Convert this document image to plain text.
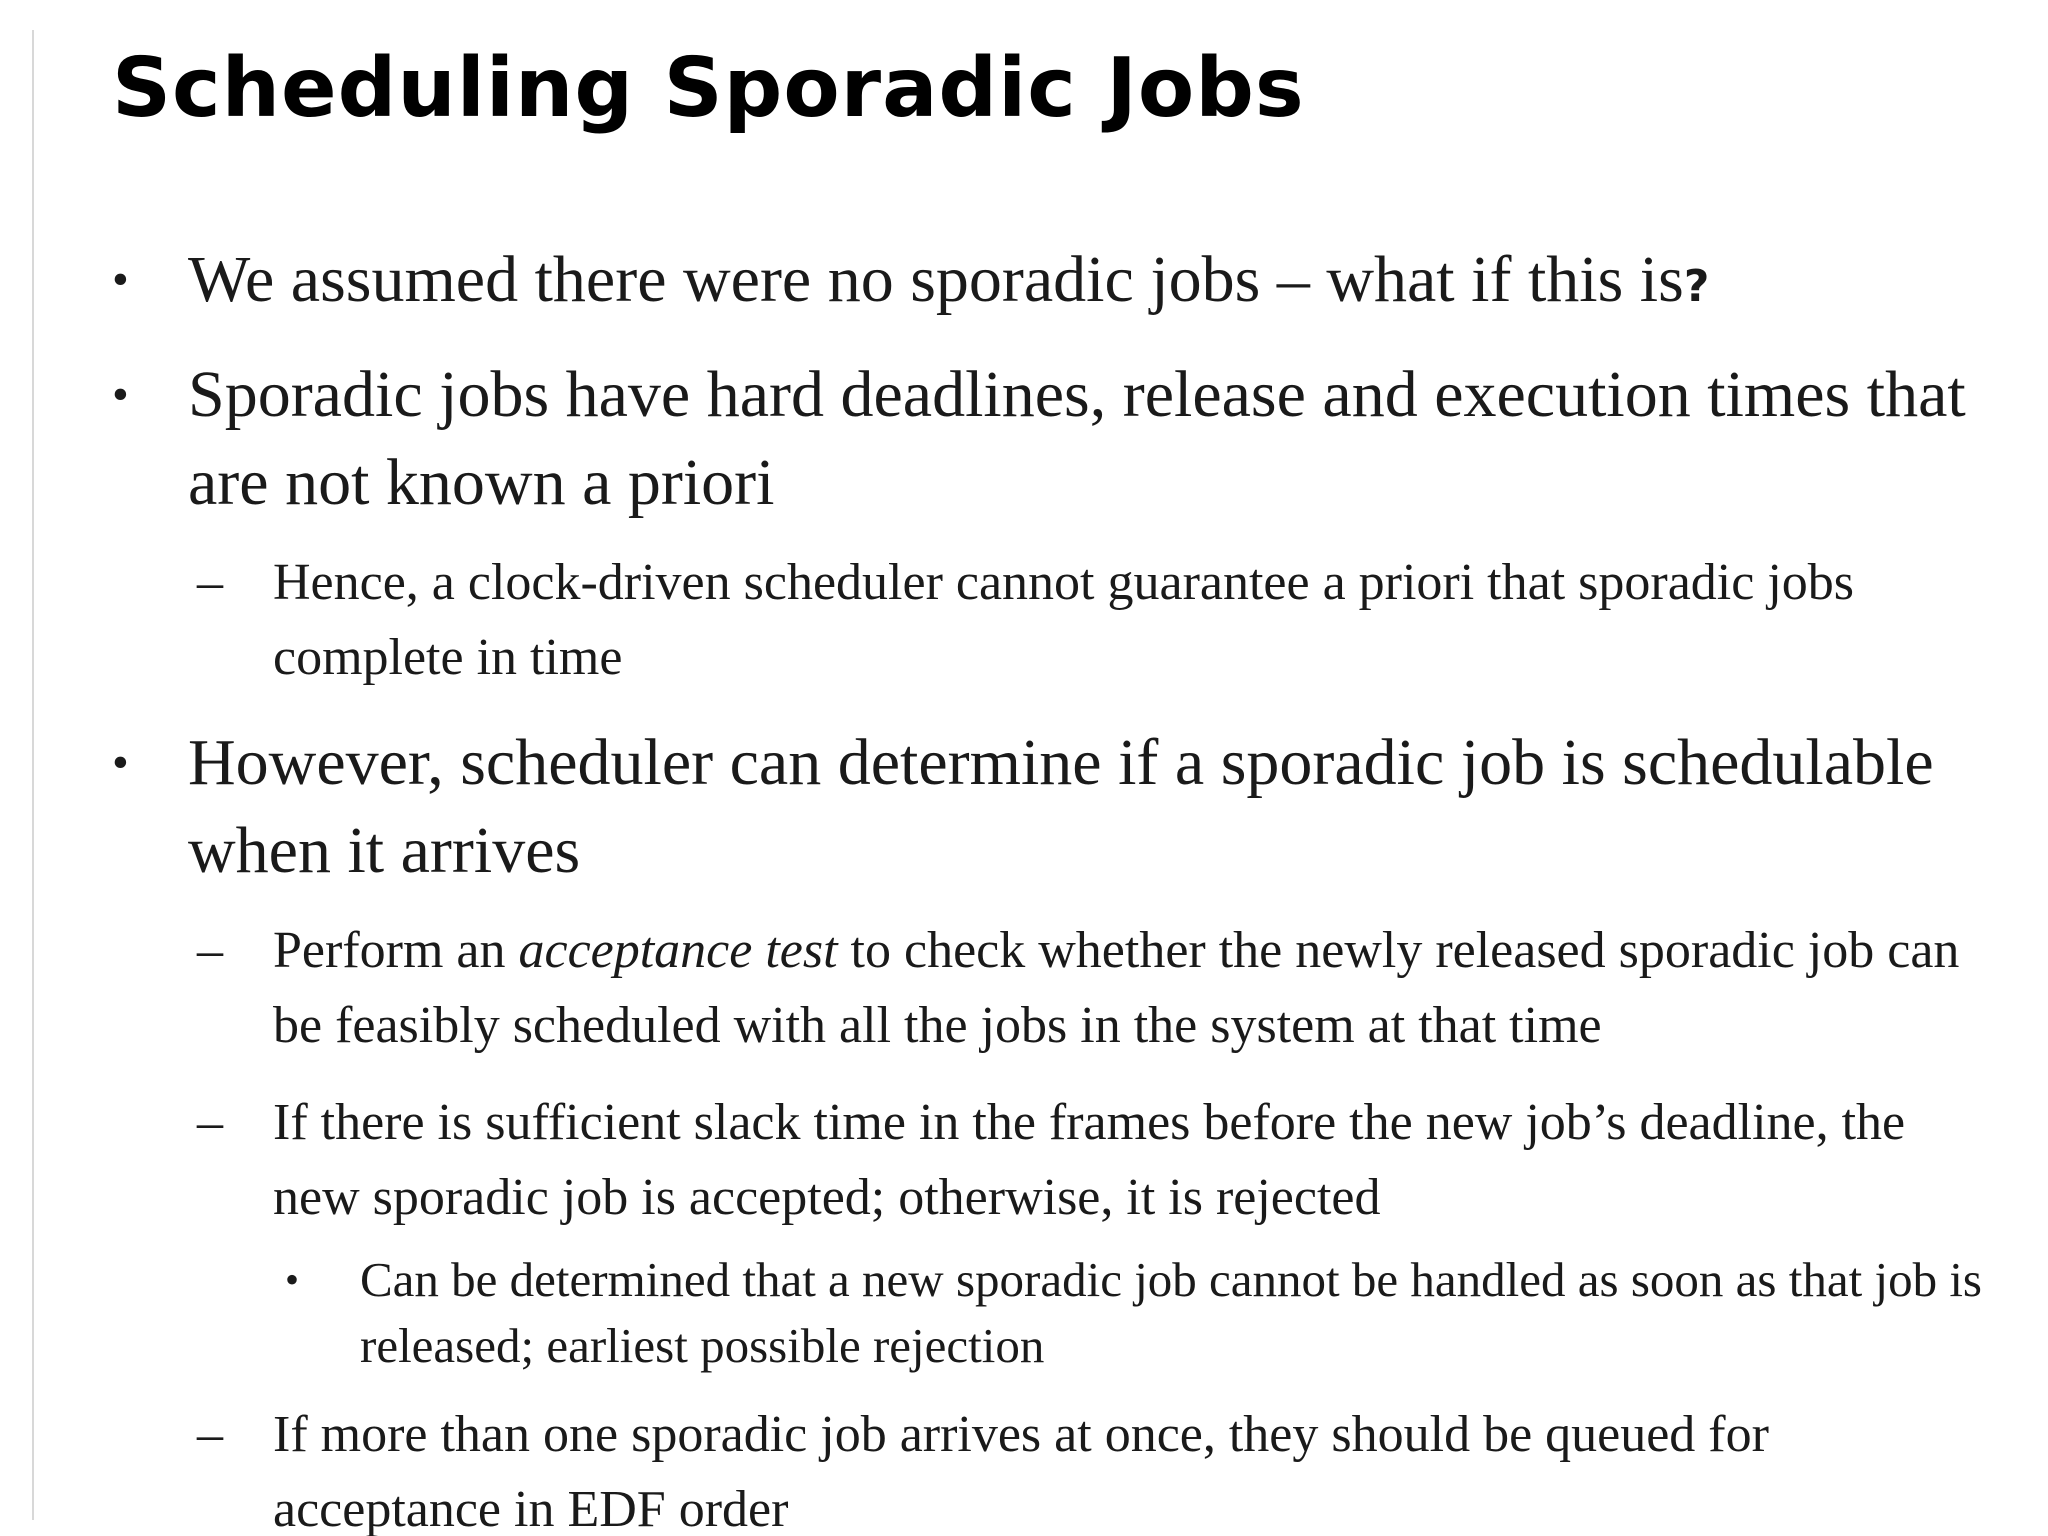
Scheduling Sporadic Jobs
• We assumed there were no sporadic jobs – what if this is?
• Sporadic jobs have hard deadlines, release and execution times that are not known a priori
– Hence, a clock-driven scheduler cannot guarantee a priori that sporadic jobs complete in time
• However, scheduler can determine if a sporadic job is schedulable when it arrives
– Perform an acceptance test to check whether the newly released sporadic job can be feasibly scheduled with all the jobs in the system at that time
– If there is sufficient slack time in the frames before the new job’s deadline, the new sporadic job is accepted; otherwise, it is rejected
• Can be determined that a new sporadic job cannot be handled as soon as that job is released; earliest possible rejection
– If more than one sporadic job arrives at once, they should be queued for acceptance in EDF order
